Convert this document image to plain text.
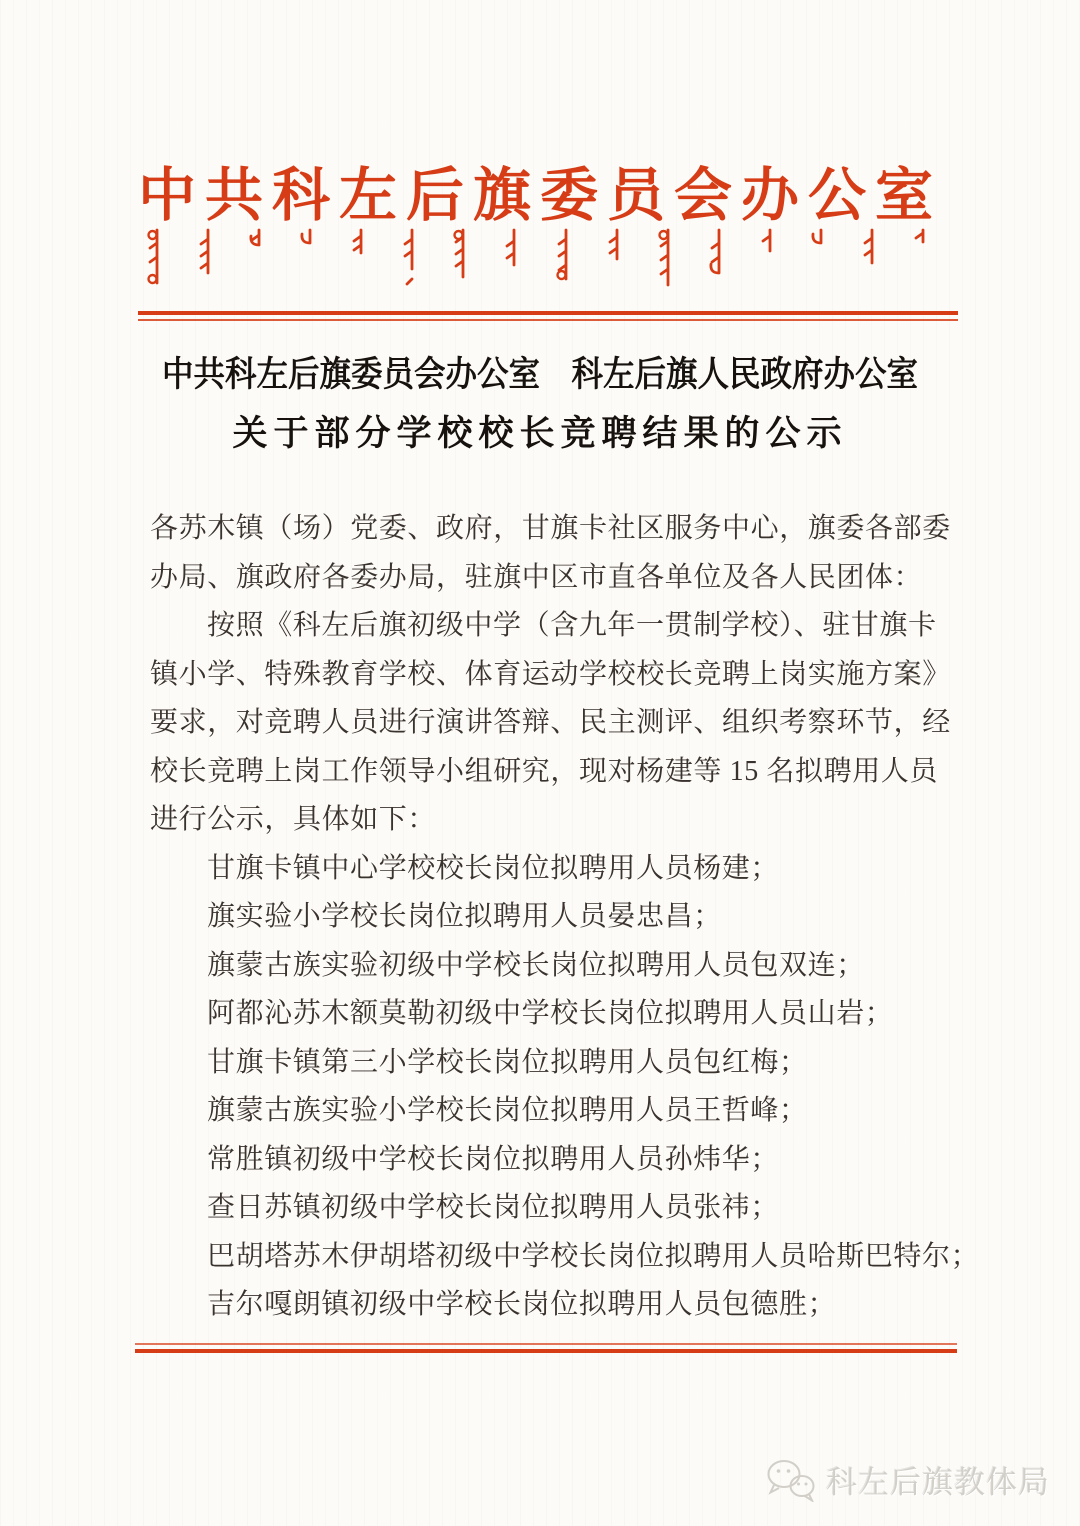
中共科左后旗委员会办公室
中共科左后旗委员会办公室　科左后旗人民政府办公室
关于部分学校校长竞聘结果的公示
各苏木镇（场）党委、政府，甘旗卡社区服务中心，旗委各部委
办局、旗政府各委办局，驻旗中区市直各单位及各人民团体：
按照《科左后旗初级中学（含九年一贯制学校）、驻甘旗卡
镇小学、特殊教育学校、体育运动学校校长竞聘上岗实施方案》
要求，对竞聘人员进行演讲答辩、民主测评、组织考察环节，经
校长竞聘上岗工作领导小组研究，现对杨建等 15 名拟聘用人员
进行公示，具体如下：
甘旗卡镇中心学校校长岗位拟聘用人员杨建；
旗实验小学校长岗位拟聘用人员晏忠昌；
旗蒙古族实验初级中学校长岗位拟聘用人员包双连；
阿都沁苏木额莫勒初级中学校长岗位拟聘用人员山岩；
甘旗卡镇第三小学校长岗位拟聘用人员包红梅；
旗蒙古族实验小学校长岗位拟聘用人员王哲峰；
常胜镇初级中学校长岗位拟聘用人员孙炜华；
查日苏镇初级中学校长岗位拟聘用人员张祎；
巴胡塔苏木伊胡塔初级中学校长岗位拟聘用人员哈斯巴特尔；
吉尔嘎朗镇初级中学校长岗位拟聘用人员包德胜；
科左后旗教体局
